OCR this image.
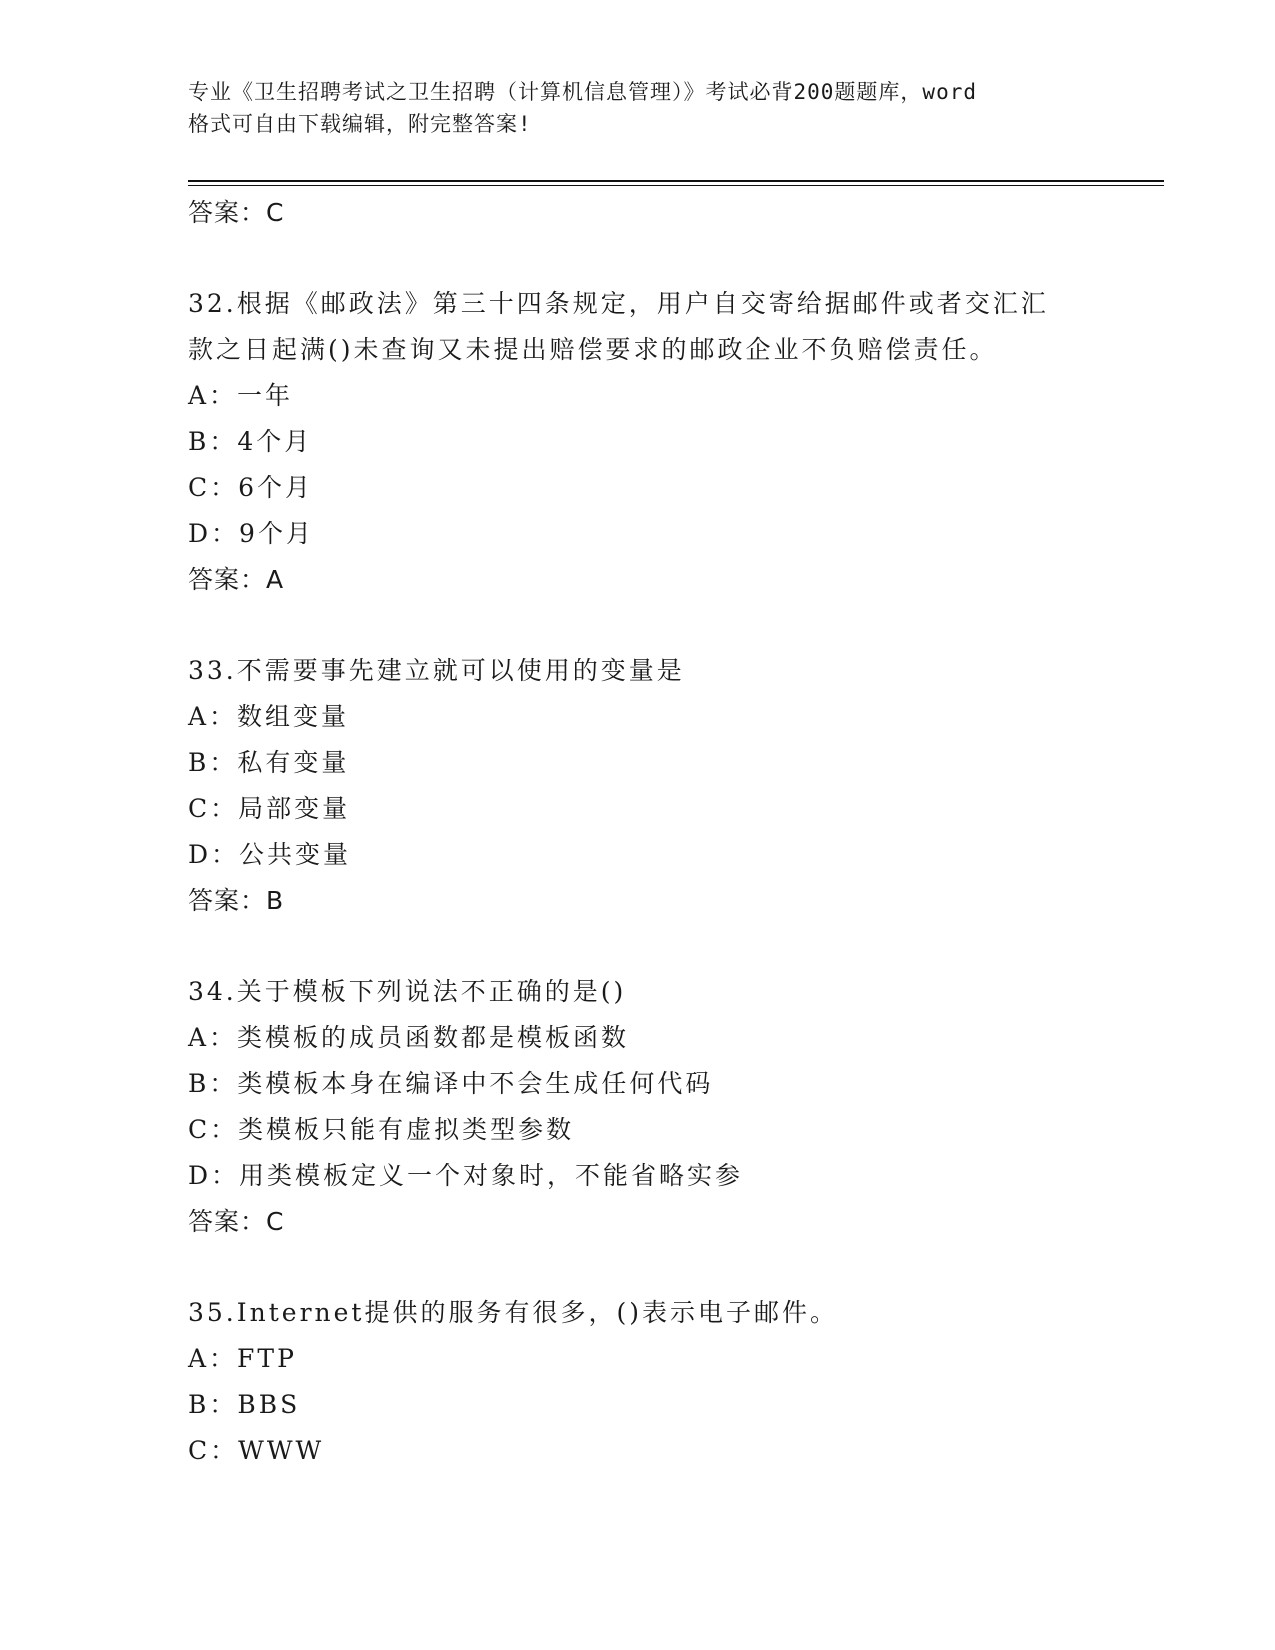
专业《卫生招聘考试之卫生招聘（计算机信息管理）》考试必背200题题库，word
格式可自由下载编辑，附完整答案!
答案：C
32.根据《邮政法》第三十四条规定，用户自交寄给据邮件或者交汇汇
款之日起满()未查询又未提出赔偿要求的邮政企业不负赔偿责任。
A：一年
B：4个月
C：6个月
D：9个月
答案：A
33.不需要事先建立就可以使用的变量是
A：数组变量
B：私有变量
C：局部变量
D：公共变量
答案：B
34.关于模板下列说法不正确的是()
A：类模板的成员函数都是模板函数
B：类模板本身在编译中不会生成任何代码
C：类模板只能有虚拟类型参数
D：用类模板定义一个对象时，不能省略实参
答案：C
35.Internet提供的服务有很多，()表示电子邮件。
A：FTP
B：BBS
C：WWW
